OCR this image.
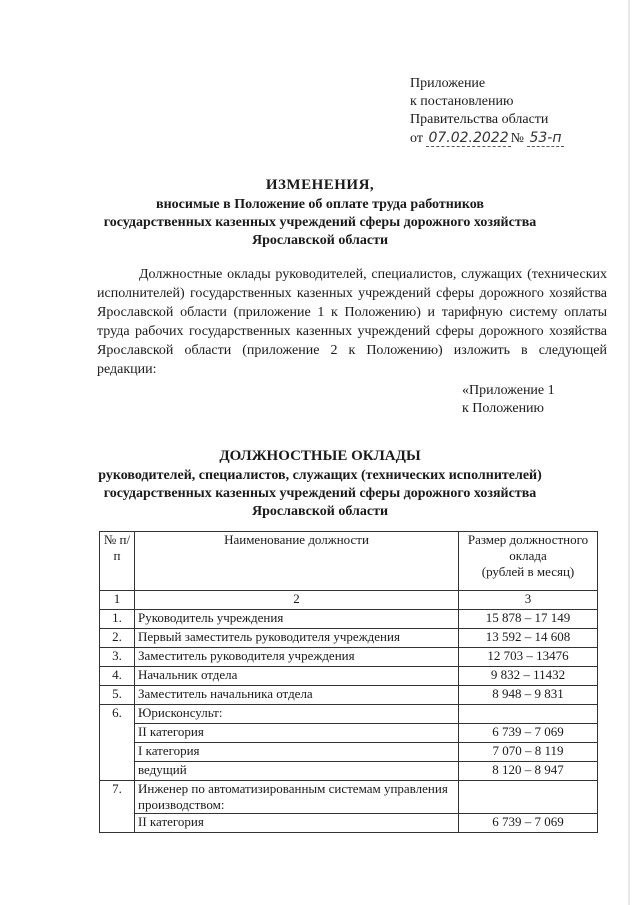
Приложение
к постановлению
Правительства области
от 07.02.2022 № 53-п
ИЗМЕНЕНИЯ,
вносимые в Положение об оплате труда работников
государственных казенных учреждений сферы дорожного хозяйства
Ярославской области
Должностные оклады руководителей, специалистов, служащих (технических исполнителей) государственных казенных учреждений сферы дорожного хозяйства Ярославской области (приложение 1 к Положению) и тарифную систему оплаты труда рабочих государственных казенных учреждений сферы дорожного хозяйства Ярославской области (приложение 2 к Положению) изложить в следующей редакции:
«Приложение 1
к Положению
ДОЛЖНОСТНЫЕ ОКЛАДЫ
руководителей, специалистов, служащих (технических исполнителей)
государственных казенных учреждений сферы дорожного хозяйства
Ярославской области
№ п/п	Наименование должности	Размер должностного
оклада
(рублей в месяц)

1	2	3
1.	Руководитель учреждения	15 878 – 17 149
2.	Первый заместитель руководителя учреждения	13 592 – 14 608
3.	Заместитель руководителя учреждения	12 703 – 13476
4.	Начальник отдела	9 832 – 11432
5.	Заместитель начальника отдела	8 948 – 9 831
6.	Юрисконсульт:	
	II категория	6 739 – 7 069
	I категория	7 070 – 8 119
	ведущий	8 120 – 8 947
7.	Инженер по автоматизированным системам управления производством:	
	II категория	6 739 – 7 069
